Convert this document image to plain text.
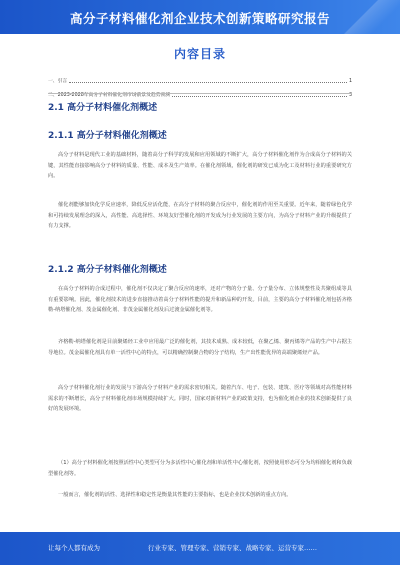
高分子材料催化剂企业技术创新策略研究报告
内容目录
一、引言	1
二、2023-2028年高分子材料催化剂市场前景及趋势预测	3
2.1 高分子材料催化剂概述
2.1.1 高分子材料催化剂概述
高分子材料是现代工业的基础材料，随着高分子科学的发展和应用领域的不断扩大，高分子材料催化剂作为合成高分子材料的关键，其性能直接影响高分子材料的质量、性能、成本及生产效率。在催化剂领域，催化剂的研发已成为化工及材料行业的重要研究方向。
催化剂能够加快化学反应速率，降低反应活化能，在高分子材料的聚合反应中，催化剂的作用至关重要。近年来，随着绿色化学和可持续发展理念的深入，高性能、高选择性、环境友好型催化剂的开发成为行业发展的主要方向，为高分子材料产业的升级提供了有力支撑。
2.1.2 高分子材料催化剂概述
在高分子材料的合成过程中，催化剂不仅决定了聚合反应的速率，还对产物的分子量、分子量分布、立体规整性及共聚组成等具有重要影响。因此，催化剂技术的进步直接推动着高分子材料性能的提升和新品种的开发。目前，主要的高分子材料催化剂包括齐格勒-纳塔催化剂、茂金属催化剂、非茂金属催化剂及后过渡金属催化剂等。
齐格勒-纳塔催化剂是目前聚烯烃工业中应用最广泛的催化剂，其技术成熟、成本较低，在聚乙烯、聚丙烯等产品的生产中占据主导地位。茂金属催化剂具有单一活性中心的特点，可以精确控制聚合物的分子结构，生产出性能优异的高端聚烯烃产品。
高分子材料催化剂行业的发展与下游高分子材料产业的需求密切相关。随着汽车、电子、包装、建筑、医疗等领域对高性能材料需求的不断增长，高分子材料催化剂市场规模持续扩大。同时，国家对新材料产业的政策支持，也为催化剂企业的技术创新提供了良好的发展环境。
（1）高分子材料催化剂按照活性中心类型可分为多活性中心催化剂和单活性中心催化剂，按照使用形态可分为均相催化剂和负载型催化剂等。
一般而言，催化剂的活性、选择性和稳定性是衡量其性能的主要指标，也是企业技术创新的重点方向。
让每个人都有成为	行业专家、管理专家、营销专家、战略专家、运营专家……
